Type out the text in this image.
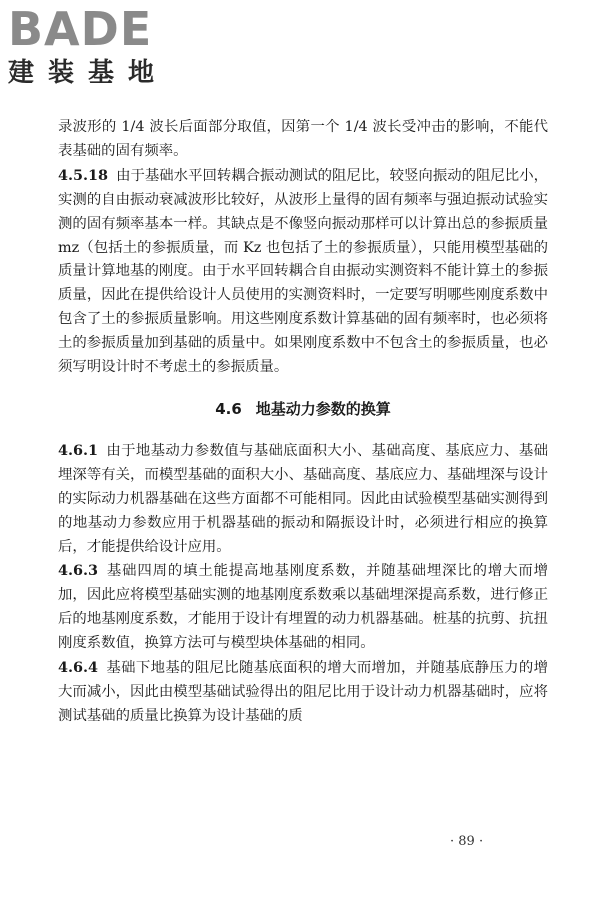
BADE
建装基地

录波形的 1/4 波长后面部分取值，因第一个 1/4 波长受冲击的影响，不能代表基础的固有频率。

4.5.18 由于基础水平回转耦合振动测试的阻尼比，较竖向振动的阻尼比小，实测的自由振动衰减波形比较好，从波形上量得的固有频率与强迫振动试验实测的固有频率基本一样。其缺点是不像竖向振动那样可以计算出总的参振质量 mz（包括土的参振质量，而 Kz 也包括了土的参振质量），只能用模型基础的质量计算地基的刚度。由于水平回转耦合自由振动实测资料不能计算土的参振质量，因此在提供给设计人员使用的实测资料时，一定要写明哪些刚度系数中包含了土的参振质量影响。用这些刚度系数计算基础的固有频率时，也必须将土的参振质量加到基础的质量中。如果刚度系数中不包含土的参振质量，也必须写明设计时不考虑土的参振质量。

4.6 地基动力参数的换算

4.6.1 由于地基动力参数值与基础底面积大小、基础高度、基底应力、基础埋深等有关，而模型基础的面积大小、基础高度、基底应力、基础埋深与设计的实际动力机器基础在这些方面都不可能相同。因此由试验模型基础实测得到的地基动力参数应用于机器基础的振动和隔振设计时，必须进行相应的换算后，才能提供给设计应用。

4.6.3 基础四周的填土能提高地基刚度系数，并随基础埋深比的增大而增加，因此应将模型基础实测的地基刚度系数乘以基础埋深提高系数，进行修正后的地基刚度系数，才能用于设计有埋置的动力机器基础。桩基的抗剪、抗扭刚度系数值，换算方法可与模型块体基础的相同。

4.6.4 基础下地基的阻尼比随基底面积的增大而增加，并随基底静压力的增大而减小，因此由模型基础试验得出的阻尼比用于设计动力机器基础时，应将测试基础的质量比换算为设计基础的质

· 89 ·
